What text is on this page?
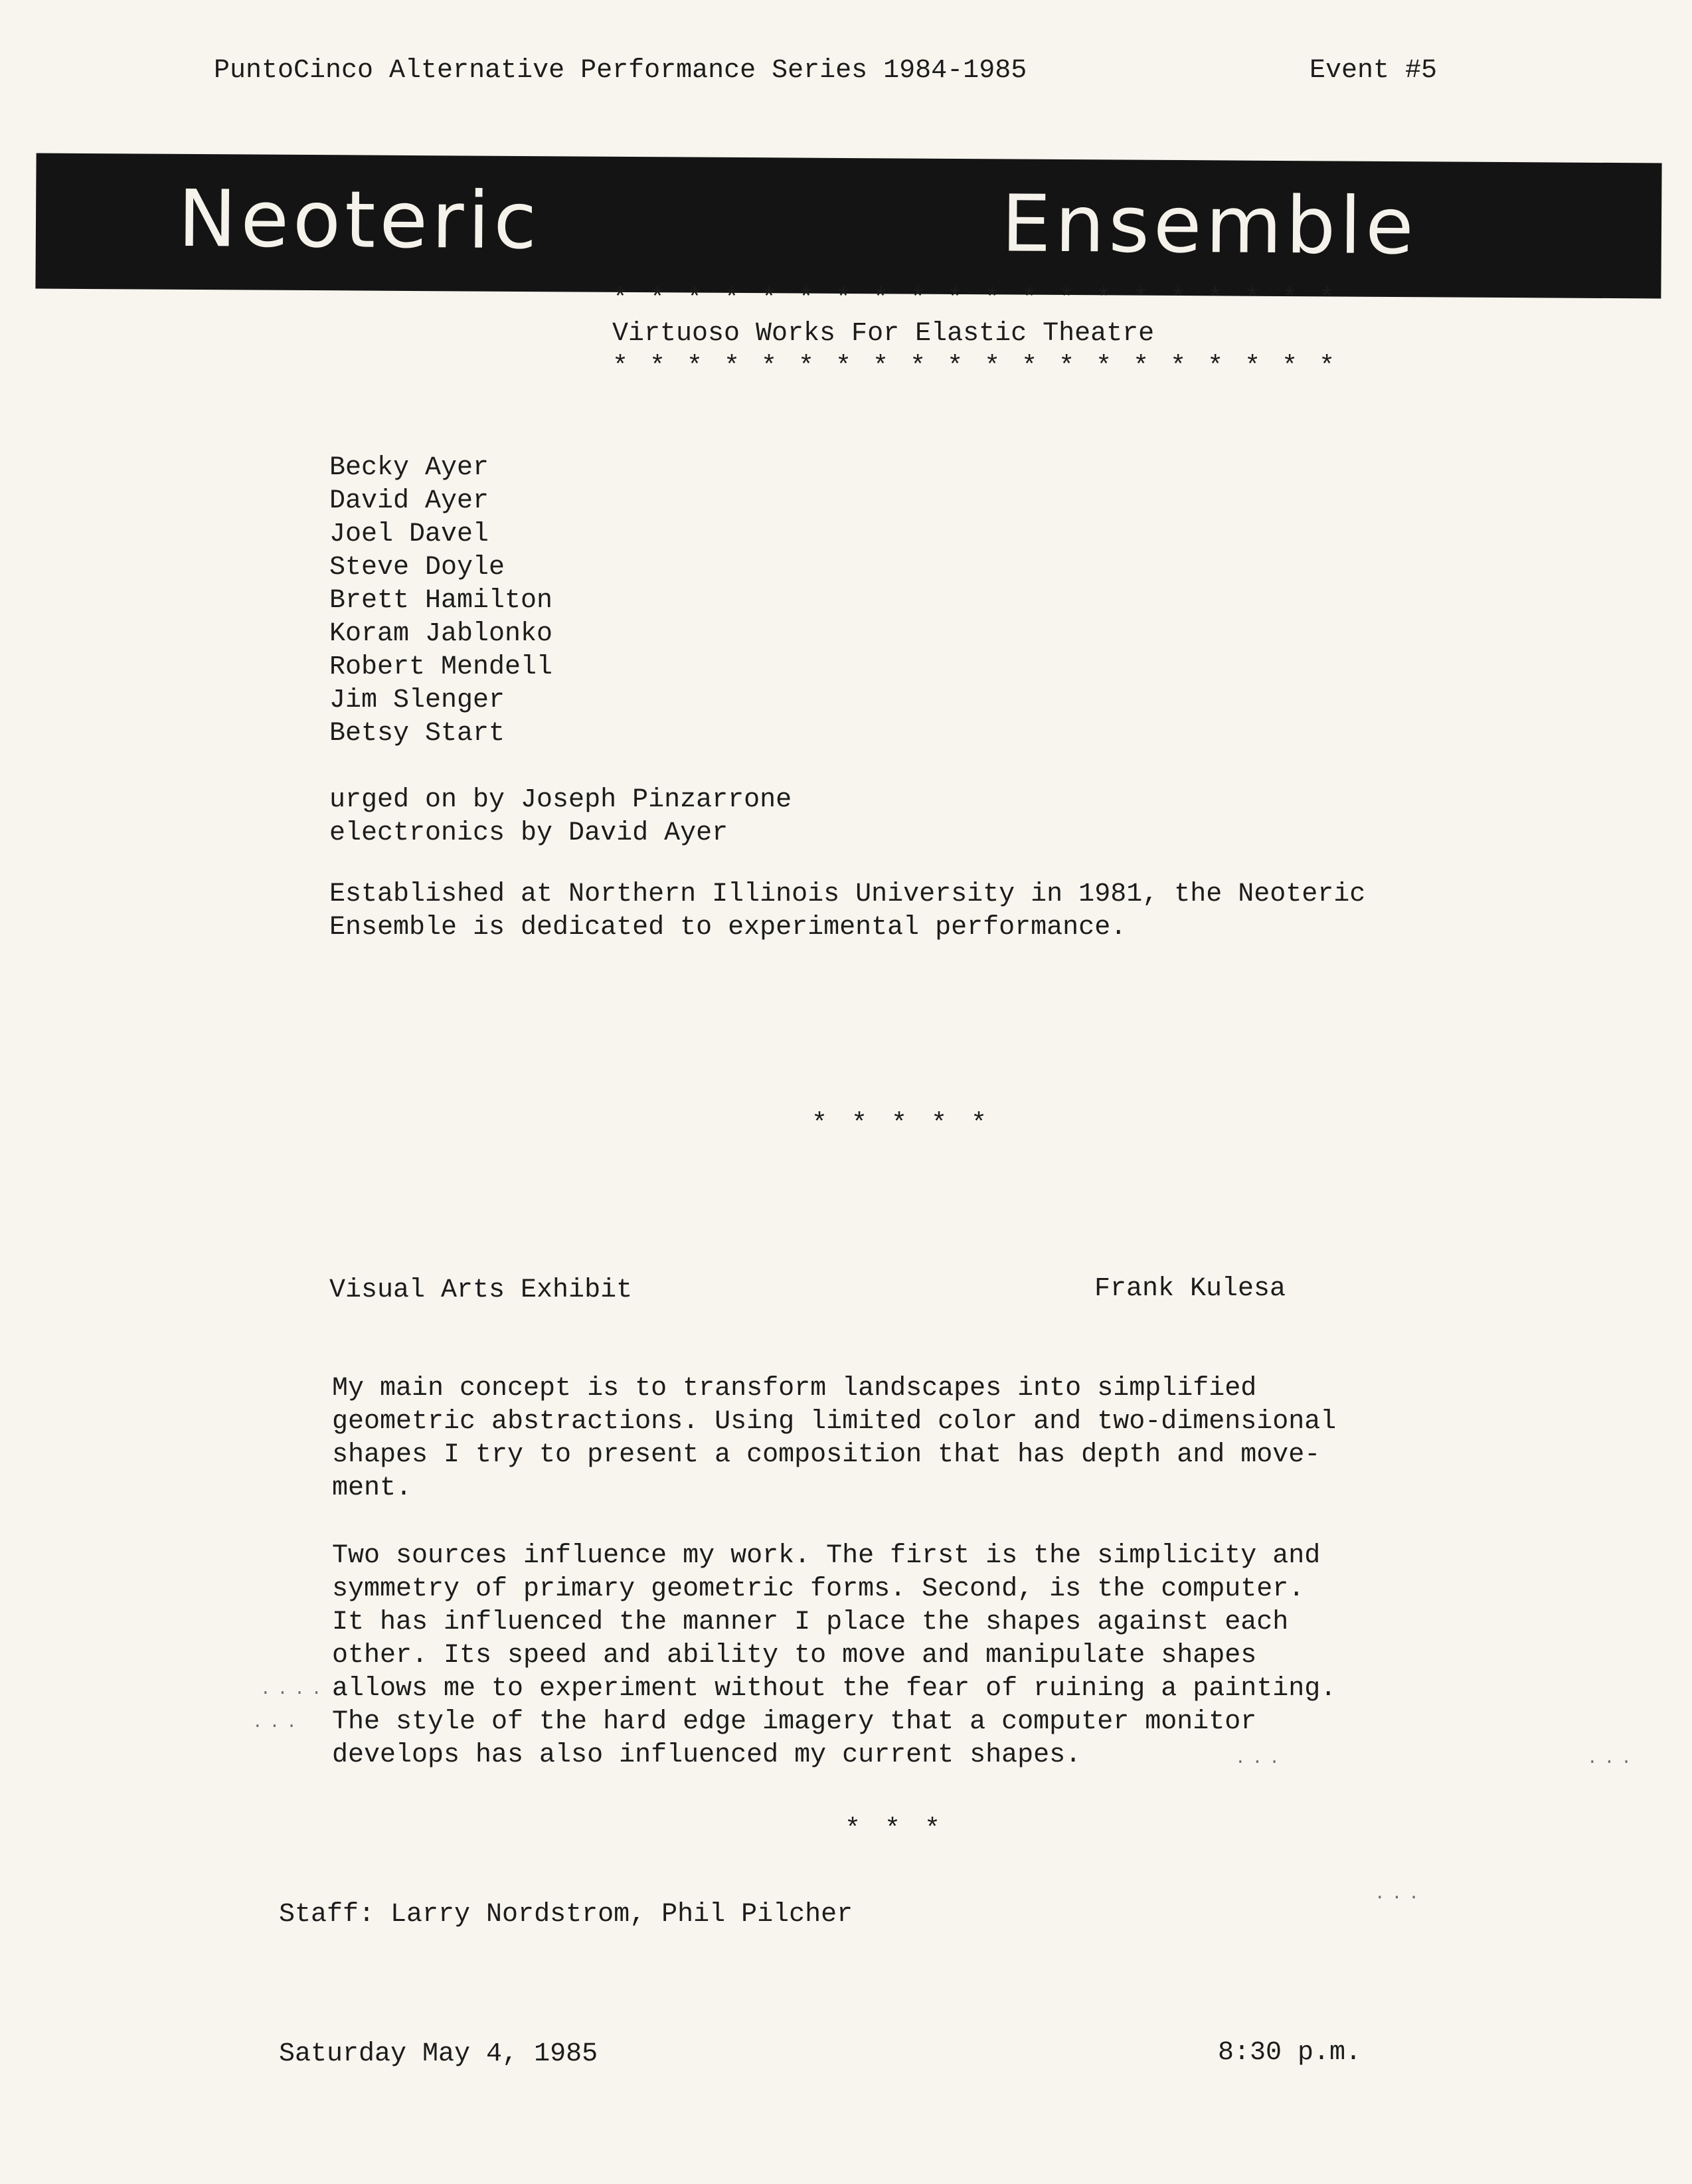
PuntoCinco Alternative Performance Series 1984-1985	Event #5
Neoteric	Ensemble
* * * * * * * * * * * * * * * * * * * *
Virtuoso Works For Elastic Theatre
* * * * * * * * * * * * * * * * * * * *
Becky Ayer
David Ayer
Joel Davel
Steve Doyle
Brett Hamilton
Koram Jablonko
Robert Mendell
Jim Slenger
Betsy Start
urged on by Joseph Pinzarrone
electronics by David Ayer
Established at Northern Illinois University in 1981, the Neoteric
Ensemble is dedicated to experimental performance.
* * * * *
Visual Arts Exhibit	Frank Kulesa
My main concept is to transform landscapes into simplified
geometric abstractions. Using limited color and two-dimensional
shapes I try to present a composition that has depth and move-
ment.
Two sources influence my work. The first is the simplicity and
symmetry of primary geometric forms. Second, is the computer.
It has influenced the manner I place the shapes against each
other. Its speed and ability to move and manipulate shapes
allows me to experiment without the fear of ruining a painting.
The style of the hard edge imagery that a computer monitor
develops has also influenced my current shapes.
* * *
Staff: Larry Nordstrom, Phil Pilcher
Saturday May 4, 1985	8:30 p.m.
....
...
...	...
...
